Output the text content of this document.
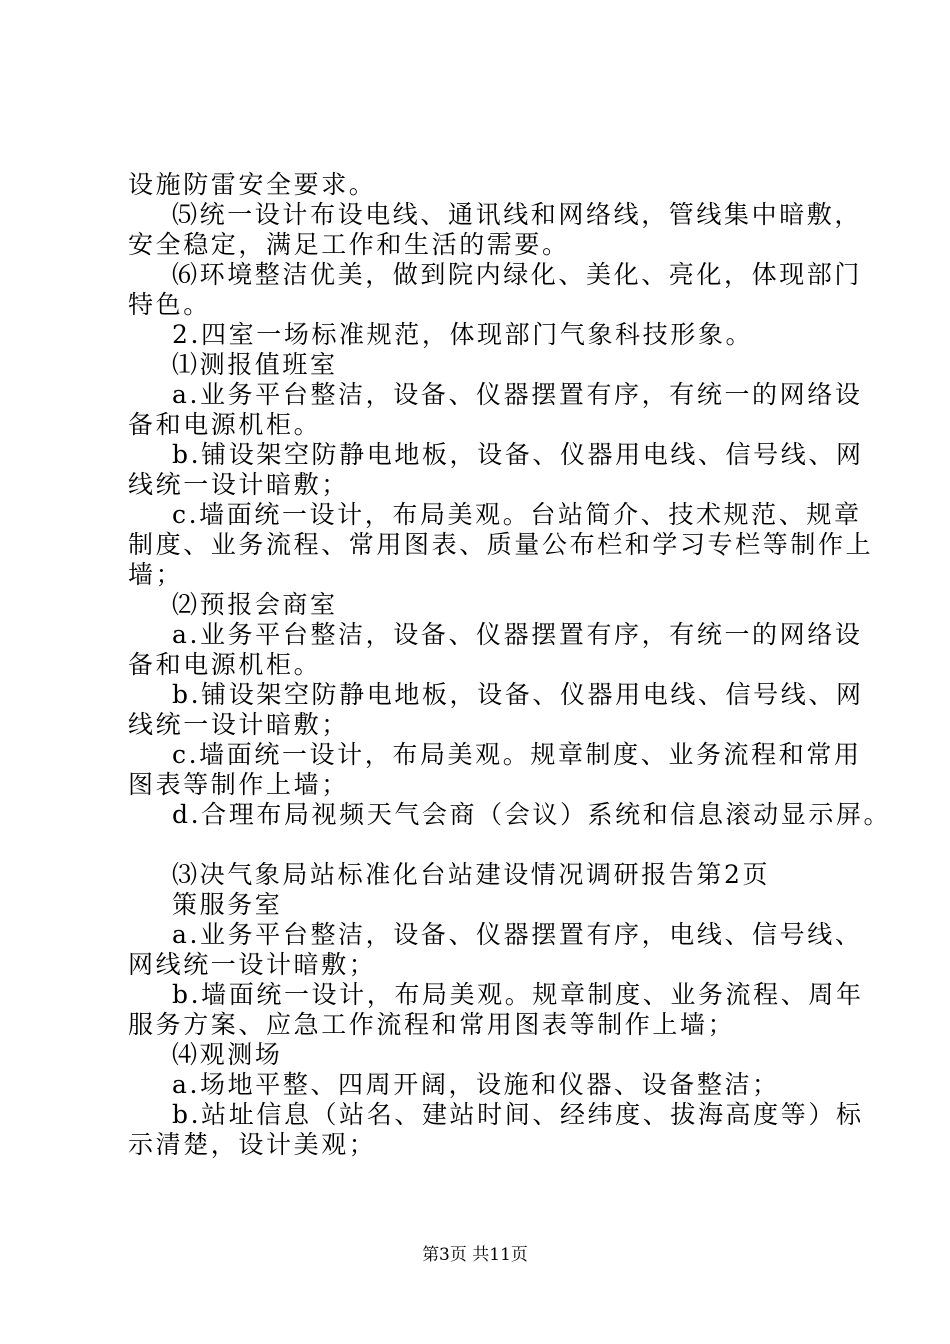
设施防雷安全要求。
⑸统一设计布设电线、通讯线和网络线，管线集中暗敷，
安全稳定，满足工作和生活的需要。
⑹环境整洁优美，做到院内绿化、美化、亮化，体现部门
特色。
2.四室一场标准规范，体现部门气象科技形象。
⑴测报值班室
a.业务平台整洁，设备、仪器摆置有序，有统一的网络设
备和电源机柜。
b.铺设架空防静电地板，设备、仪器用电线、信号线、网
线统一设计暗敷；
c.墙面统一设计，布局美观。台站简介、技术规范、规章
制度、业务流程、常用图表、质量公布栏和学习专栏等制作上
墙；
⑵预报会商室
a.业务平台整洁，设备、仪器摆置有序，有统一的网络设
备和电源机柜。
b.铺设架空防静电地板，设备、仪器用电线、信号线、网
线统一设计暗敷；
c.墙面统一设计，布局美观。规章制度、业务流程和常用
图表等制作上墙；
d.合理布局视频天气会商（会议）系统和信息滚动显示屏。
⑶决气象局站标准化台站建设情况调研报告第2页
策服务室
a.业务平台整洁，设备、仪器摆置有序，电线、信号线、
网线统一设计暗敷；
b.墙面统一设计，布局美观。规章制度、业务流程、周年
服务方案、应急工作流程和常用图表等制作上墙；
⑷观测场
a.场地平整、四周开阔，设施和仪器、设备整洁；
b.站址信息（站名、建站时间、经纬度、拔海高度等）标
示清楚，设计美观；
第3页 共11页
